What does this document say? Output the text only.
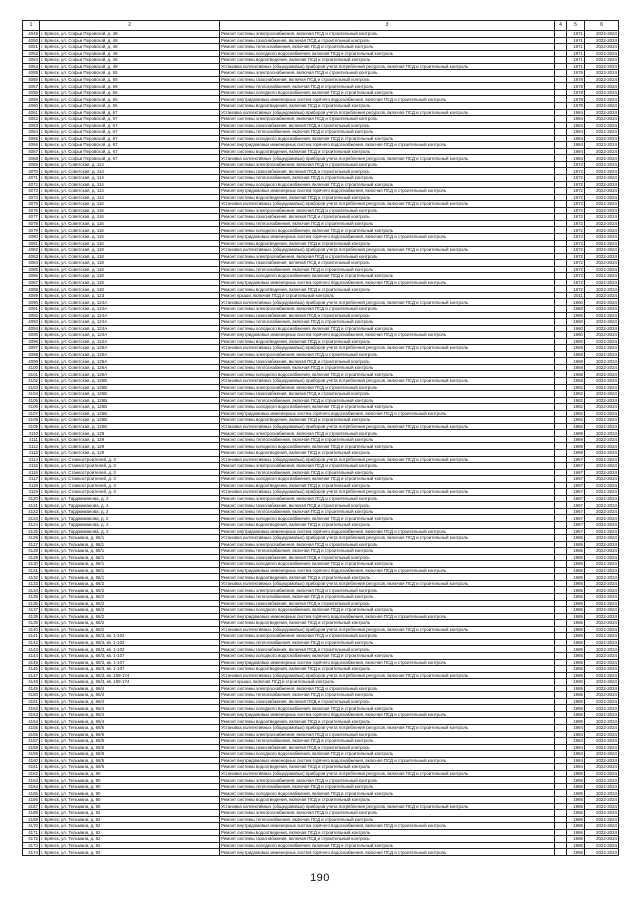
1	2	3	4	5	6
4049	г. Брянск, ул. Софьи Перовской, д. 48	Ремонт системы электроснабжения, включая ПСД и строительный контроль		1971	2022-2024
4050	г. Брянск, ул. Софьи Перовской, д. 48	Ремонт системы газоснабжения, включая ПСД и строительный контроль		1971	2022-2024
4051	г. Брянск, ул. Софьи Перовской, д. 48	Ремонт системы теплоснабжения, включая ПСД и строительный контроль		1971	2022-2024
4052	г. Брянск, ул. Софьи Перовской, д. 48	Ремонт системы холодного водоснабжения, включая ПСД и строительный контроль		1971	2022-2024
4053	г. Брянск, ул. Софьи Перовской, д. 48	Ремонт системы водоотведения, включая ПСД и строительный контроль		1971	2022-2024
4054	г. Брянск, ул. Софьи Перовской, д. 48	Установка коллективных (общедомовых) приборов учета потребления ресурсов, включая ПСД и строительный контроль		1971	2022-2024
4055	г. Брянск, ул. Софьи Перовской, д. 55	Ремонт системы электроснабжения, включая ПСД и строительный контроль		1978	2022-2024
4056	г. Брянск, ул. Софьи Перовской, д. 55	Ремонт системы газоснабжения, включая ПСД и строительный контроль		1978	2022-2024
4057	г. Брянск, ул. Софьи Перовской, д. 55	Ремонт системы теплоснабжения, включая ПСД и строительный контроль		1978	2022-2024
4058	г. Брянск, ул. Софьи Перовской, д. 55	Ремонт системы холодного водоснабжения, включая ПСД и строительный контроль		1978	2022-2024
4059	г. Брянск, ул. Софьи Перовской, д. 55	Ремонт внутридомовых инженерных систем горячего водоснабжения, включая ПСД и строительный контроль		1978	2022-2024
4060	г. Брянск, ул. Софьи Перовской, д. 55	Ремонт системы водоотведения, включая ПСД и строительный контроль		1978	2022-2024
4061	г. Брянск, ул. Софьи Перовской, д. 67	Установка коллективных (общедомовых) приборов учета потребления ресурсов, включая ПСД и строительный контроль		1984	2022-2024
4062	г. Брянск, ул. Софьи Перовской, д. 67	Ремонт системы электроснабжения, включая ПСД и строительный контроль		1984	2022-2024
4063	г. Брянск, ул. Софьи Перовской, д. 67	Ремонт системы газоснабжения, включая ПСД и строительный контроль		1984	2022-2024
4064	г. Брянск, ул. Софьи Перовской, д. 67	Ремонт системы теплоснабжения, включая ПСД и строительный контроль		1984	2022-2024
4065	г. Брянск, ул. Софьи Перовской, д. 67	Ремонт системы холодного водоснабжения, включая ПСД и строительный контроль		1984	2022-2024
4066	г. Брянск, ул. Софьи Перовской, д. 67	Ремонт внутридомовых инженерных систем горячего водоснабжения, включая ПСД и строительный контроль		1984	2022-2024
4067	г. Брянск, ул. Софьи Перовской, д. 67	Ремонт системы водоотведения, включая ПСД и строительный контроль		1984	2022-2024
4068	г. Брянск, ул. Софьи Перовской, д. 67	Установка коллективных (общедомовых) приборов учета потребления ресурсов, включая ПСД и строительный контроль		1984	2022-2024
4069	г. Брянск, ул. Советская, д. 114	Ремонт системы электроснабжения, включая ПСД и строительный контроль		1972	2022-2024
4070	г. Брянск, ул. Советская, д. 114	Ремонт системы газоснабжения, включая ПСД и строительный контроль		1972	2022-2024
4071	г. Брянск, ул. Советская, д. 114	Ремонт системы теплоснабжения, включая ПСД и строительный контроль		1972	2022-2024
4072	г. Брянск, ул. Советская, д. 114	Ремонт системы холодного водоснабжения, включая ПСД и строительный контроль		1972	2022-2024
4073	г. Брянск, ул. Советская, д. 114	Ремонт внутридомовых инженерных систем горячего водоснабжения, включая ПСД и строительный контроль		1972	2022-2024
4074	г. Брянск, ул. Советская, д. 114	Ремонт системы водоотведения, включая ПСД и строительный контроль		1972	2022-2024
4075	г. Брянск, ул. Советская, д. 116	Установка коллективных (общедомовых) приборов учета потребления ресурсов, включая ПСД и строительный контроль		1972	2022-2024
4076	г. Брянск, ул. Советская, д. 116	Ремонт системы электроснабжения, включая ПСД и строительный контроль		1972	2022-2024
4077	г. Брянск, ул. Советская, д. 116	Ремонт системы газоснабжения, включая ПСД и строительный контроль		1972	2022-2024
4078	г. Брянск, ул. Советская, д. 116	Ремонт системы теплоснабжения, включая ПСД и строительный контроль		1972	2022-2024
4079	г. Брянск, ул. Советская, д. 116	Ремонт системы холодного водоснабжения, включая ПСД и строительный контроль		1972	2022-2024
4080	г. Брянск, ул. Советская, д. 116	Ремонт внутридомовых инженерных систем горячего водоснабжения, включая ПСД и строительный контроль		1972	2022-2024
4081	г. Брянск, ул. Советская, д. 116	Ремонт системы водоотведения, включая ПСД и строительный контроль		1972	2022-2024
4082	г. Брянск, ул. Советская, д. 118	Установка коллективных (общедомовых) приборов учета потребления ресурсов, включая ПСД и строительный контроль		1972	2022-2024
4083	г. Брянск, ул. Советская, д. 118	Ремонт системы электроснабжения, включая ПСД и строительный контроль		1972	2022-2024
4084	г. Брянск, ул. Советская, д. 118	Ремонт системы газоснабжения, включая ПСД и строительный контроль		1972	2022-2024
4085	г. Брянск, ул. Советская, д. 118	Ремонт системы теплоснабжения, включая ПСД и строительный контроль		1972	2022-2024
4086	г. Брянск, ул. Советская, д. 118	Ремонт системы холодного водоснабжения, включая ПСД и строительный контроль		1972	2022-2024
4087	г. Брянск, ул. Советская, д. 118	Ремонт внутридомовых инженерных систем горячего водоснабжения, включая ПСД и строительный контроль		1972	2022-2024
4088	г. Брянск, ул. Советская, д. 118	Ремонт системы водоотведения, включая ПСД и строительный контроль		1972	2022-2024
4089	г. Брянск, ул. Советская, д. 123	Ремонт крыши, включая ПСД и строительный контроль		2011	2022-2024
4090	г. Брянск, ул. Советская, д. 124А	Установка коллективных (общедомовых) приборов учета потребления ресурсов, включая ПСД и строительный контроль		1960	2022-2024
4091	г. Брянск, ул. Советская, д. 124А	Ремонт системы электроснабжения, включая ПСД и строительный контроль		1960	2022-2024
4092	г. Брянск, ул. Советская, д. 124А	Ремонт системы газоснабжения, включая ПСД и строительный контроль		1960	2022-2024
4093	г. Брянск, ул. Советская, д. 124А	Ремонт системы теплоснабжения, включая ПСД и строительный контроль		1960	2022-2024
4094	г. Брянск, ул. Советская, д. 124А	Ремонт системы холодного водоснабжения, включая ПСД и строительный контроль		1960	2022-2024
4095	г. Брянск, ул. Советская, д. 124А	Ремонт внутридомовых инженерных систем горячего водоснабжения, включая ПСД и строительный контроль		1960	2022-2024
4096	г. Брянск, ул. Советская, д. 124А	Ремонт системы водоотведения, включая ПСД и строительный контроль		1960	2022-2024
4097	г. Брянск, ул. Советская, д. 126А	Установка коллективных (общедомовых) приборов учета потребления ресурсов, включая ПСД и строительный контроль		1968	2022-2024
4098	г. Брянск, ул. Советская, д. 126А	Ремонт системы электроснабжения, включая ПСД и строительный контроль		1968	2022-2024
4099	г. Брянск, ул. Советская, д. 126А	Ремонт системы газоснабжения, включая ПСД и строительный контроль		1968	2022-2024
4100	г. Брянск, ул. Советская, д. 126А	Ремонт системы теплоснабжения, включая ПСД и строительный контроль		1968	2022-2024
4101	г. Брянск, ул. Советская, д. 126А	Ремонт системы холодного водоснабжения, включая ПСД и строительный контроль		1968	2022-2024
4102	г. Брянск, ул. Советская, д. 126Б	Установка коллективных (общедомовых) приборов учета потребления ресурсов, включая ПСД и строительный контроль		1968	2022-2024
4103	г. Брянск, ул. Советская, д. 126Б	Ремонт системы электроснабжения, включая ПСД и строительный контроль		1982	2022-2024
4104	г. Брянск, ул. Советская, д. 126Б	Ремонт системы газоснабжения, включая ПСД и строительный контроль		1982	2022-2024
4105	г. Брянск, ул. Советская, д. 126Б	Ремонт системы теплоснабжения, включая ПСД и строительный контроль		1982	2022-2024
4106	г. Брянск, ул. Советская, д. 126Б	Ремонт системы холодного водоснабжения, включая ПСД и строительный контроль		1982	2022-2024
4107	г. Брянск, ул. Советская, д. 126Б	Ремонт внутридомовых инженерных систем горячего водоснабжения, включая ПСД и строительный контроль		1982	2022-2024
4108	г. Брянск, ул. Советская, д. 126Б	Ремонт системы водоотведения, включая ПСД и строительный контроль		1982	2022-2024
4109	г. Брянск, ул. Советская, д. 126Б	Установка коллективных (общедомовых) приборов учета потребления ресурсов, включая ПСД и строительный контроль		1982	2022-2024
4110	г. Брянск, ул. Советская, д. 129	Ремонт системы электроснабжения, включая ПСД и строительный контроль		1989	2022-2024
4111	г. Брянск, ул. Советская, д. 129	Ремонт системы теплоснабжения, включая ПСД и строительный контроль		1989	2022-2024
4112	г. Брянск, ул. Советская, д. 129	Ремонт системы холодного водоснабжения, включая ПСД и строительный контроль		1989	2022-2024
4113	г. Брянск, ул. Советская, д. 129	Ремонт системы водоотведения, включая ПСД и строительный контроль		1989	2022-2024
4114	г. Брянск, ул. Станкостроителей, д. 3	Установка коллективных (общедомовых) приборов учета потребления ресурсов, включая ПСД и строительный контроль		1967	2022-2024
4115	г. Брянск, ул. Станкостроителей, д. 3	Ремонт системы электроснабжения, включая ПСД и строительный контроль		1967	2022-2024
4116	г. Брянск, ул. Станкостроителей, д. 3	Ремонт системы теплоснабжения, включая ПСД и строительный контроль		1967	2022-2024
4117	г. Брянск, ул. Станкостроителей, д. 3	Ремонт системы холодного водоснабжения, включая ПСД и строительный контроль		1967	2022-2024
4118	г. Брянск, ул. Станкостроителей, д. 3	Ремонт системы водоотведения, включая ПСД и строительный контроль		1967	2022-2024
4119	г. Брянск, ул. Станкостроителей, д. 3	Установка коллективных (общедомовых) приборов учета потребления ресурсов, включая ПСД и строительный контроль		1967	2022-2024
4120	г. Брянск, ул. Тарджиманова, д. 2	Ремонт системы электроснабжения, включая ПСД и строительный контроль		1967	2022-2024
4121	г. Брянск, ул. Тарджиманова, д. 2	Ремонт системы газоснабжения, включая ПСД и строительный контроль		1967	2022-2024
4122	г. Брянск, ул. Тарджиманова, д. 2	Ремонт системы теплоснабжения, включая ПСД и строительный контроль		1967	2022-2024
4123	г. Брянск, ул. Тарджиманова, д. 2	Ремонт системы холодного водоснабжения, включая ПСД и строительный контроль		1967	2022-2024
4124	г. Брянск, ул. Тарджиманова, д. 2	Ремонт системы водоотведения, включая ПСД и строительный контроль		1967	2022-2024
4125	г. Брянск, ул. Тарджиманова, д. 2	Ремонт внутридомовых инженерных систем горячего водоснабжения, включая ПСД и строительный контроль		1967	2022-2024
4126	г. Брянск, ул. Тельмана, д. 66/1	Установка коллективных (общедомовых) приборов учета потребления ресурсов, включая ПСД и строительный контроль		1985	2022-2024
4127	г. Брянск, ул. Тельмана, д. 66/1	Ремонт системы электроснабжения, включая ПСД и строительный контроль		1985	2022-2024
4128	г. Брянск, ул. Тельмана, д. 66/1	Ремонт системы теплоснабжения, включая ПСД и строительный контроль		1985	2022-2024
4129	г. Брянск, ул. Тельмана, д. 66/1	Ремонт системы газоснабжения, включая ПСД и строительный контроль		1985	2022-2024
4130	г. Брянск, ул. Тельмана, д. 66/1	Ремонт системы холодного водоснабжения, включая ПСД и строительный контроль		1985	2022-2024
4131	г. Брянск, ул. Тельмана, д. 66/1	Ремонт внутридомовых инженерных систем горячего водоснабжения, включая ПСД и строительный контроль		1985	2022-2024
4132	г. Брянск, ул. Тельмана, д. 66/1	Ремонт системы водоотведения, включая ПСД и строительный контроль		1985	2022-2024
4133	г. Брянск, ул. Тельмана, д. 66/2	Установка коллективных (общедомовых) приборов учета потребления ресурсов, включая ПСД и строительный контроль		1985	2022-2024
4134	г. Брянск, ул. Тельмана, д. 66/2	Ремонт системы электроснабжения, включая ПСД и строительный контроль		1985	2022-2024
4135	г. Брянск, ул. Тельмана, д. 66/2	Ремонт системы теплоснабжения, включая ПСД и строительный контроль		1985	2022-2024
4136	г. Брянск, ул. Тельмана, д. 66/2	Ремонт системы газоснабжения, включая ПСД и строительный контроль		1985	2022-2024
4137	г. Брянск, ул. Тельмана, д. 66/2	Ремонт системы холодного водоснабжения, включая ПСД и строительный контроль		1985	2022-2024
4138	г. Брянск, ул. Тельмана, д. 66/2	Ремонт внутридомовых инженерных систем горячего водоснабжения, включая ПСД и строительный контроль		1985	2022-2024
4139	г. Брянск, ул. Тельмана, д. 66/2	Ремонт системы водоотведения, включая ПСД и строительный контроль		1985	2022-2024
4140	г. Брянск, ул. Тельмана, д. 66/2	Установка коллективных (общедомовых) приборов учета потребления ресурсов, включая ПСД и строительный контроль		1985	2022-2024
4141	г. Брянск, ул. Тельмана, д. 66/3, кв. 1-102	Ремонт системы электроснабжения, включая ПСД и строительный контроль		1985	2022-2024
4142	г. Брянск, ул. Тельмана, д. 66/3, кв. 1-102	Ремонт системы теплоснабжения, включая ПСД и строительный контроль		1985	2022-2024
4143	г. Брянск, ул. Тельмана, д. 66/3, кв. 1-102	Ремонт системы газоснабжения, включая ПСД и строительный контроль		1985	2022-2024
4144	г. Брянск, ул. Тельмана, д. 66/3, кв. 1-107	Ремонт системы холодного водоснабжения, включая ПСД и строительный контроль		1985	2022-2024
4145	г. Брянск, ул. Тельмана, д. 66/3, кв. 1-107	Ремонт внутридомовых инженерных систем горячего водоснабжения, включая ПСД и строительный контроль		1985	2022-2024
4146	г. Брянск, ул. Тельмана, д. 66/3, кв. 1-107	Ремонт системы водоотведения, включая ПСД и строительный контроль		1985	2022-2024
4147	г. Брянск, ул. Тельмана, д. 66/3, кв. 108-174	Установка коллективных (общедомовых) приборов учета потребления ресурсов, включая ПСД и строительный контроль		1985	2022-2024
4148	г. Брянск, ул. Тельмана, д. 66/3, кв. 108-174	Ремонт крыши, включая ПСД и строительный контроль		1990	2022-2024
4149	г. Брянск, ул. Тельмана, д. 66/4	Ремонт системы электроснабжения, включая ПСД и строительный контроль		1985	2022-2024
4150	г. Брянск, ул. Тельмана, д. 66/4	Ремонт системы теплоснабжения, включая ПСД и строительный контроль		1985	2022-2024
4151	г. Брянск, ул. Тельмана, д. 66/4	Ремонт системы газоснабжения, включая ПСД и строительный контроль		1985	2022-2024
4152	г. Брянск, ул. Тельмана, д. 66/4	Ремонт системы холодного водоснабжения, включая ПСД и строительный контроль		1985	2022-2024
4153	г. Брянск, ул. Тельмана, д. 66/4	Ремонт внутридомовых инженерных систем горячего водоснабжения, включая ПСД и строительный контроль		1985	2022-2024
4154	г. Брянск, ул. Тельмана, д. 66/4	Ремонт системы водоотведения, включая ПСД и строительный контроль		1985	2022-2024
4155	г. Брянск, ул. Тельмана, д. 66/5	Установка коллективных (общедомовых) приборов учета потребления ресурсов, включая ПСД и строительный контроль		1984	2022-2024
4156	г. Брянск, ул. Тельмана, д. 66/5	Ремонт системы электроснабжения, включая ПСД и строительный контроль		1984	2022-2024
4157	г. Брянск, ул. Тельмана, д. 66/5	Ремонт системы теплоснабжения, включая ПСД и строительный контроль		1984	2022-2024
4158	г. Брянск, ул. Тельмана, д. 66/5	Ремонт системы газоснабжения, включая ПСД и строительный контроль		1984	2022-2024
4159	г. Брянск, ул. Тельмана, д. 66/5	Ремонт системы холодного водоснабжения, включая ПСД и строительный контроль		1984	2022-2024
4160	г. Брянск, ул. Тельмана, д. 66/5	Ремонт внутридомовых инженерных систем горячего водоснабжения, включая ПСД и строительный контроль		1984	2022-2024
4161	г. Брянск, ул. Тельмана, д. 66/5	Ремонт системы водоотведения, включая ПСД и строительный контроль		1984	2022-2024
4162	г. Брянск, ул. Тельмана, д. 90	Установка коллективных (общедомовых) приборов учета потребления ресурсов, включая ПСД и строительный контроль		1985	2022-2024
4163	г. Брянск, ул. Тельмана, д. 90	Ремонт системы электроснабжения, включая ПСД и строительный контроль		1985	2022-2024
4164	г. Брянск, ул. Тельмана, д. 90	Ремонт системы теплоснабжения, включая ПСД и строительный контроль		1985	2022-2024
4165	г. Брянск, ул. Тельмана, д. 90	Ремонт системы холодного водоснабжения, включая ПСД и строительный контроль		1985	2022-2024
4166	г. Брянск, ул. Тельмана, д. 90	Ремонт системы водоотведения, включая ПСД и строительный контроль		1985	2022-2024
4167	г. Брянск, ул. Тельмана, д. 90	Установка коллективных (общедомовых) приборов учета потребления ресурсов, включая ПСД и строительный контроль		1985	2022-2024
4168	г. Брянск, ул. Тельмана, д. 92	Ремонт системы электроснабжения, включая ПСД и строительный контроль		1986	2022-2024
4169	г. Брянск, ул. Тельмана, д. 92	Ремонт системы теплоснабжения, включая ПСД и строительный контроль		1986	2022-2024
4170	г. Брянск, ул. Тельмана, д. 92	Ремонт внутридомовых инженерных систем горячего водоснабжения, включая ПСД и строительный контроль		1986	2022-2024
4171	г. Брянск, ул. Тельмана, д. 92	Ремонт системы водоотведения, включая ПСД и строительный контроль		1986	2022-2024
4172	г. Брянск, ул. Тельмана, д. 92	Ремонт системы газоснабжения, включая ПСД и строительный контроль		1986	2022-2024
4173	г. Брянск, ул. Тельмана, д. 92	Ремонт системы холодного водоснабжения, включая ПСД и строительный контроль		1986	2022-2024
4174	г. Брянск, ул. Тельмана, д. 92	Ремонт внутридомовых инженерных систем горячего водоснабжения, включая ПСД и строительный контроль		1986	2022-2024
190
